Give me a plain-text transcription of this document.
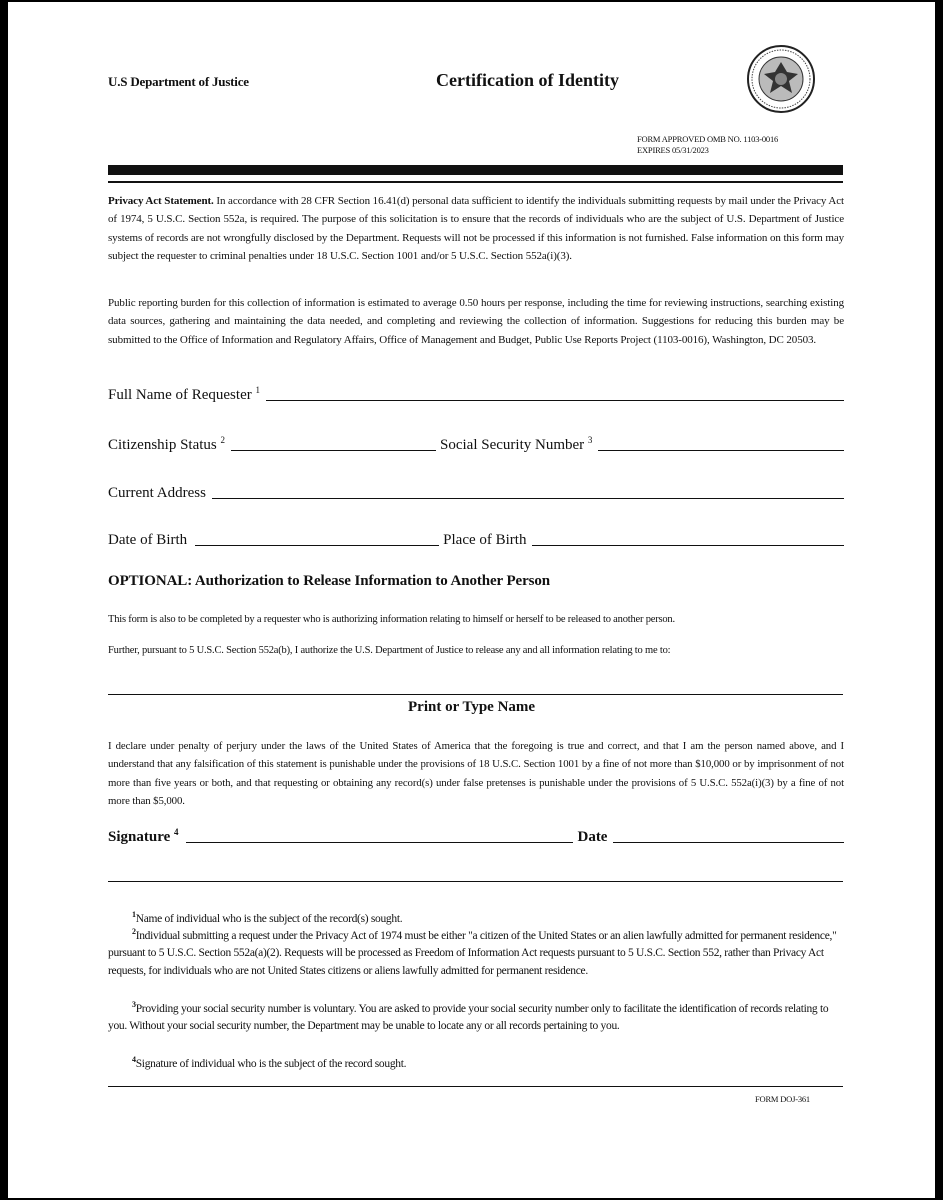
U.S Department of Justice	Certification of Identity
FORM APPROVED OMB NO. 1103-0016
EXPIRES 05/31/2023
Privacy Act Statement. In accordance with 28 CFR Section 16.41(d) personal data sufficient to identify the individuals submitting requests by mail under the Privacy Act of 1974, 5 U.S.C. Section 552a, is required. The purpose of this solicitation is to ensure that the records of individuals who are the subject of U.S. Department of Justice systems of records are not wrongfully disclosed by the Department. Requests will not be processed if this information is not furnished. False information on this form may subject the requester to criminal penalties under 18 U.S.C. Section 1001 and/or 5 U.S.C. Section 552a(i)(3).
Public reporting burden for this collection of information is estimated to average 0.50 hours per response, including the time for reviewing instructions, searching existing data sources, gathering and maintaining the data needed, and completing and reviewing the collection of information. Suggestions for reducing this burden may be submitted to the Office of Information and Regulatory Affairs, Office of Management and Budget, Public Use Reports Project (1103-0016), Washington, DC 20503.
Full Name of Requester $^1$
Citizenship Status $^2$	Social Security Number $^3$
Current Address
Date of Birth	Place of Birth
OPTIONAL: Authorization to Release Information to Another Person
This form is also to be completed by a requester who is authorizing information relating to himself or herself to be released to another person.
Further, pursuant to 5 U.S.C. Section 552a(b), I authorize the U.S. Department of Justice to release any and all information relating to me to:
Print or Type Name
I declare under penalty of perjury under the laws of the United States of America that the foregoing is true and correct, and that I am the person named above, and I understand that any falsification of this statement is punishable under the provisions of 18 U.S.C. Section 1001 by a fine of not more than $10,000 or by imprisonment of not more than five years or both, and that requesting or obtaining any record(s) under false pretenses is punishable under the provisions of 5 U.S.C. 552a(i)(3) by a fine of not more than $5,000.
Signature $^4$	Date
$^1$Name of individual who is the subject of the record(s) sought.
$^2$Individual submitting a request under the Privacy Act of 1974 must be either "a citizen of the United States or an alien lawfully admitted for permanent residence," pursuant to 5 U.S.C. Section 552a(a)(2). Requests will be processed as Freedom of Information Act requests pursuant to 5 U.S.C. Section 552, rather than Privacy Act requests, for individuals who are not United States citizens or aliens lawfully admitted for permanent residence.
$^3$Providing your social security number is voluntary. You are asked to provide your social security number only to facilitate the identification of records relating to you. Without your social security number, the Department may be unable to locate any or all records pertaining to you.
$^4$Signature of individual who is the subject of the record sought.
FORM DOJ-361
